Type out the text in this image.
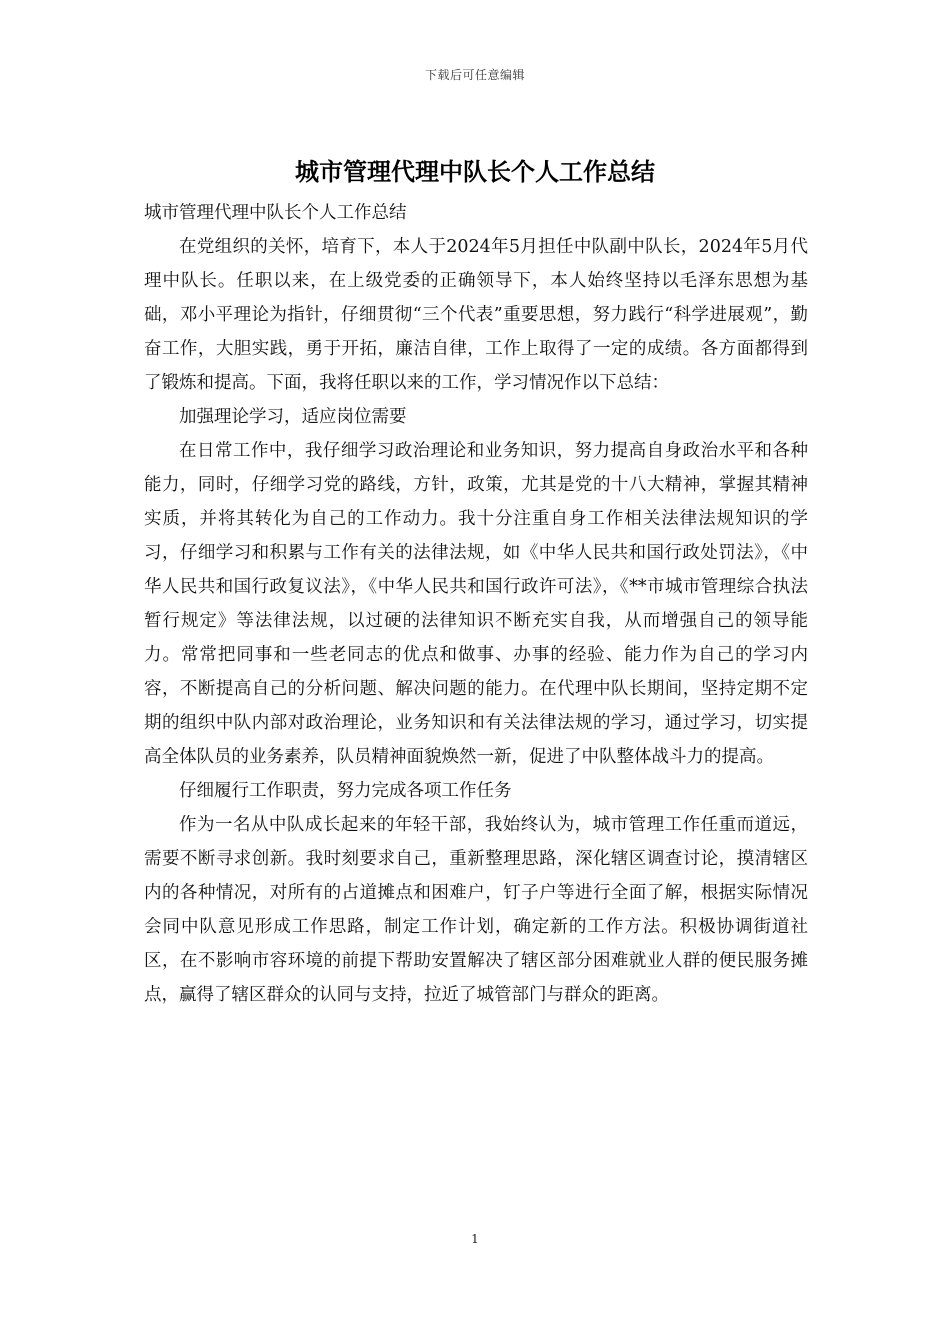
下载后可任意编辑
城市管理代理中队长个人工作总结

城市管理代理中队长个人工作总结

在党组织的关怀，培育下，本人于2024年5月担任中队副中队长，2024年5月代理中队长。任职以来，在上级党委的正确领导下，本人始终坚持以毛泽东思想为基础，邓小平理论为指针，仔细贯彻“三个代表”重要思想，努力践行“科学进展观”，勤奋工作，大胆实践，勇于开拓，廉洁自律，工作上取得了一定的成绩。各方面都得到了锻炼和提高。下面，我将任职以来的工作，学习情况作以下总结：

加强理论学习，适应岗位需要

在日常工作中，我仔细学习政治理论和业务知识，努力提高自身政治水平和各种能力，同时，仔细学习党的路线，方针，政策，尤其是党的十八大精神，掌握其精神实质，并将其转化为自己的工作动力。我十分注重自身工作相关法律法规知识的学习，仔细学习和积累与工作有关的法律法规，如《中华人民共和国行政处罚法》，《中华人民共和国行政复议法》，《中华人民共和国行政许可法》，《**市城市管理综合执法暂行规定》等法律法规，以过硬的法律知识不断充实自我，从而增强自己的领导能力。常常把同事和一些老同志的优点和做事、办事的经验、能力作为自己的学习内容，不断提高自己的分析问题、解决问题的能力。在代理中队长期间，坚持定期不定期的组织中队内部对政治理论，业务知识和有关法律法规的学习，通过学习，切实提高全体队员的业务素养，队员精神面貌焕然一新，促进了中队整体战斗力的提高。

仔细履行工作职责，努力完成各项工作任务

作为一名从中队成长起来的年轻干部，我始终认为，城市管理工作任重而道远，需要不断寻求创新。我时刻要求自己，重新整理思路，深化辖区调查讨论，摸清辖区内的各种情况，对所有的占道摊点和困难户，钉子户等进行全面了解，根据实际情况会同中队意见形成工作思路，制定工作计划，确定新的工作方法。积极协调街道社区，在不影响市容环境的前提下帮助安置解决了辖区部分困难就业人群的便民服务摊点，赢得了辖区群众的认同与支持，拉近了城管部门与群众的距离。

1
